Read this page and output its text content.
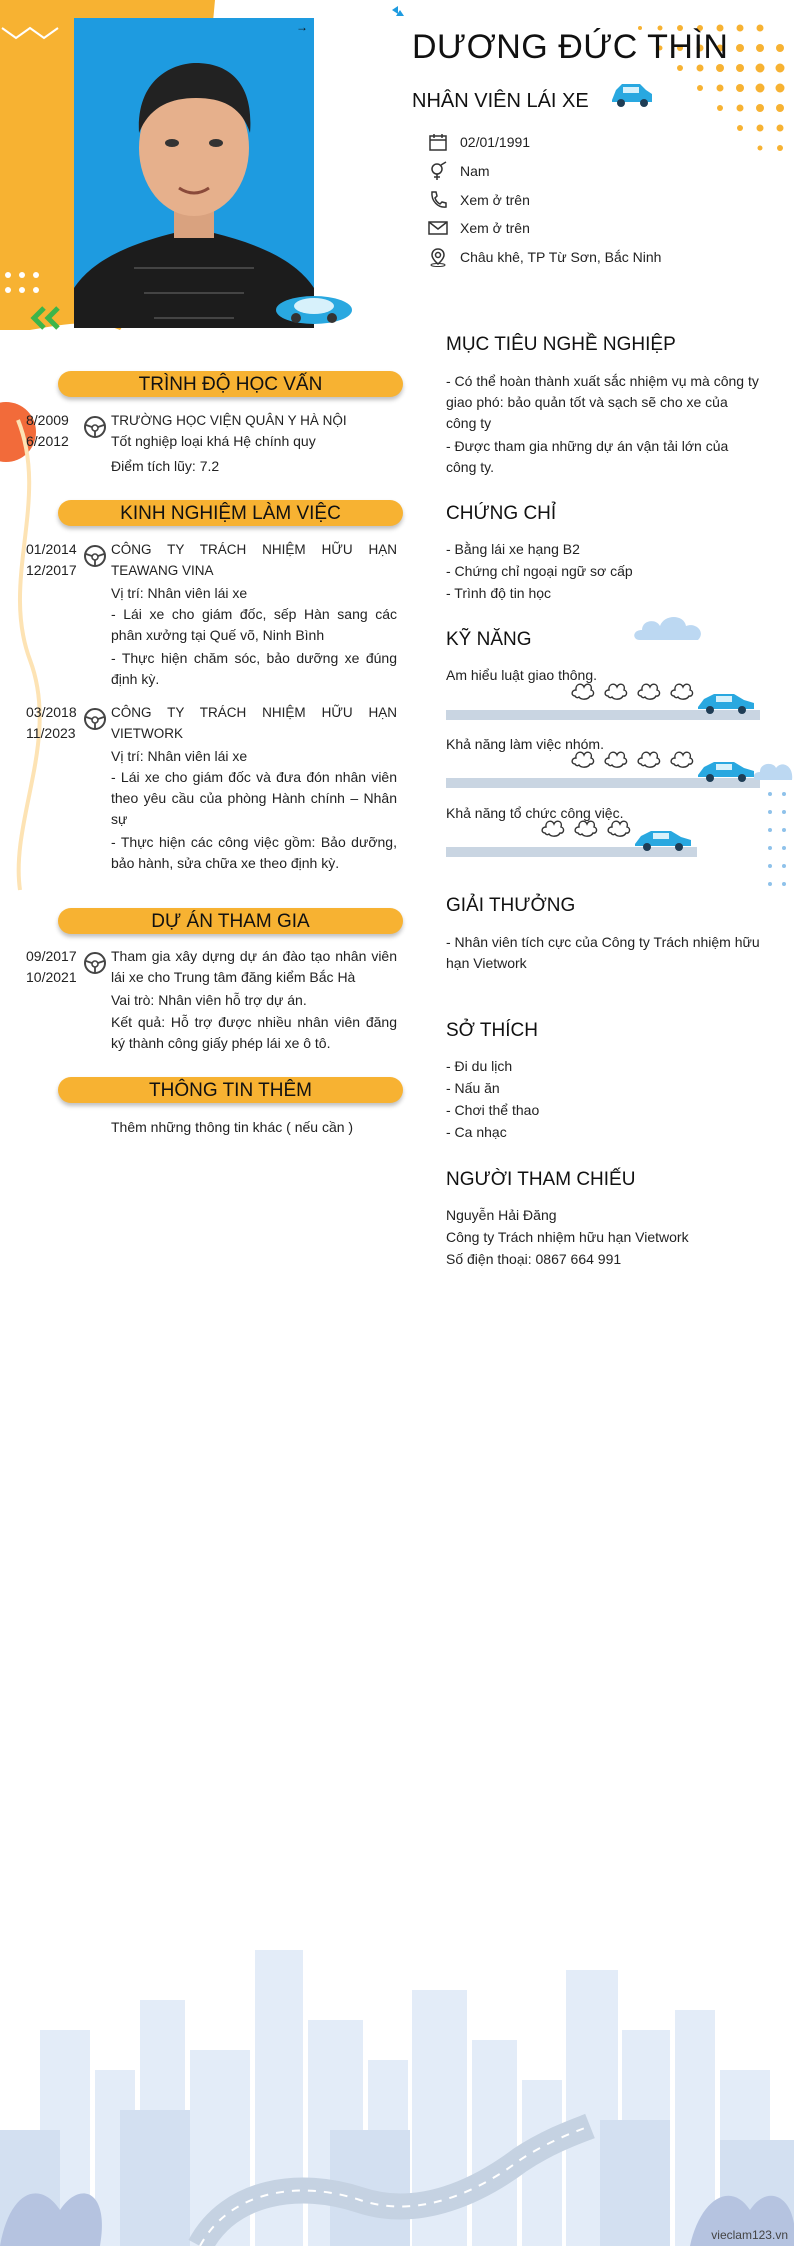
→
DƯƠNG ĐỨC THÌN
NHÂN VIÊN LÁI XE
02/01/1991
Nam
Xem ở trên
Xem ở trên
Châu khê, TP Từ Sơn, Bắc Ninh
TRÌNH ĐỘ HỌC VẤN
8/2009
6/2012
TRƯỜNG HỌC VIỆN QUÂN Y HÀ NỘI
Tốt nghiệp loại khá Hệ chính quy
Điểm tích lũy: 7.2
KINH NGHIỆM LÀM VIỆC
01/2014
12/2017
CÔNG TY TRÁCH NHIỆM HỮU HẠN TEAWANG VINA
Vị trí: Nhân viên lái xe
- Lái xe cho giám đốc, sếp Hàn sang các phân xưởng tại Quế võ, Ninh Bình
- Thực hiện chăm sóc, bảo dưỡng xe đúng định kỳ.
03/2018
11/2023
CÔNG TY TRÁCH NHIỆM HỮU HẠN VIETWORK
Vị trí: Nhân viên lái xe
- Lái xe cho giám đốc và đưa đón nhân viên theo yêu cầu của phòng Hành chính – Nhân sự
- Thực hiện các công việc gồm: Bảo dưỡng, bảo hành, sửa chữa xe theo định kỳ.
DỰ ÁN THAM GIA
09/2017
10/2021
Tham gia xây dựng dự án đào tạo nhân viên lái xe cho Trung tâm đăng kiểm Bắc Hà
Vai trò: Nhân viên hỗ trợ dự án.
Kết quả: Hỗ trợ được nhiều nhân viên đăng ký thành công giấy phép lái xe ô tô.
THÔNG TIN THÊM
Thêm những thông tin khác ( nếu cần )
MỤC TIÊU NGHỀ NGHIỆP
- Có thể hoàn thành xuất sắc nhiệm vụ mà công ty giao phó: bảo quản tốt và sạch sẽ cho xe của công ty
- Được tham gia những dự án vận tải lớn của công ty.
CHỨNG CHỈ
- Bằng lái xe hạng B2
- Chứng chỉ ngoại ngữ sơ cấp
- Trình độ tin học
KỸ NĂNG
Am hiểu luật giao thông.
Khả năng làm việc nhóm.
Khả năng tổ chức công việc.
GIẢI THƯỞNG
- Nhân viên tích cực của Công ty Trách nhiệm hữu hạn Vietwork
SỞ THÍCH
- Đi du lịch
- Nấu ăn
- Chơi thể thao
- Ca nhạc
NGƯỜI THAM CHIẾU
Nguyễn Hải Đăng
Công ty Trách nhiệm hữu hạn Vietwork
Số điện thoại: 0867 664 991
vieclam123.vn
